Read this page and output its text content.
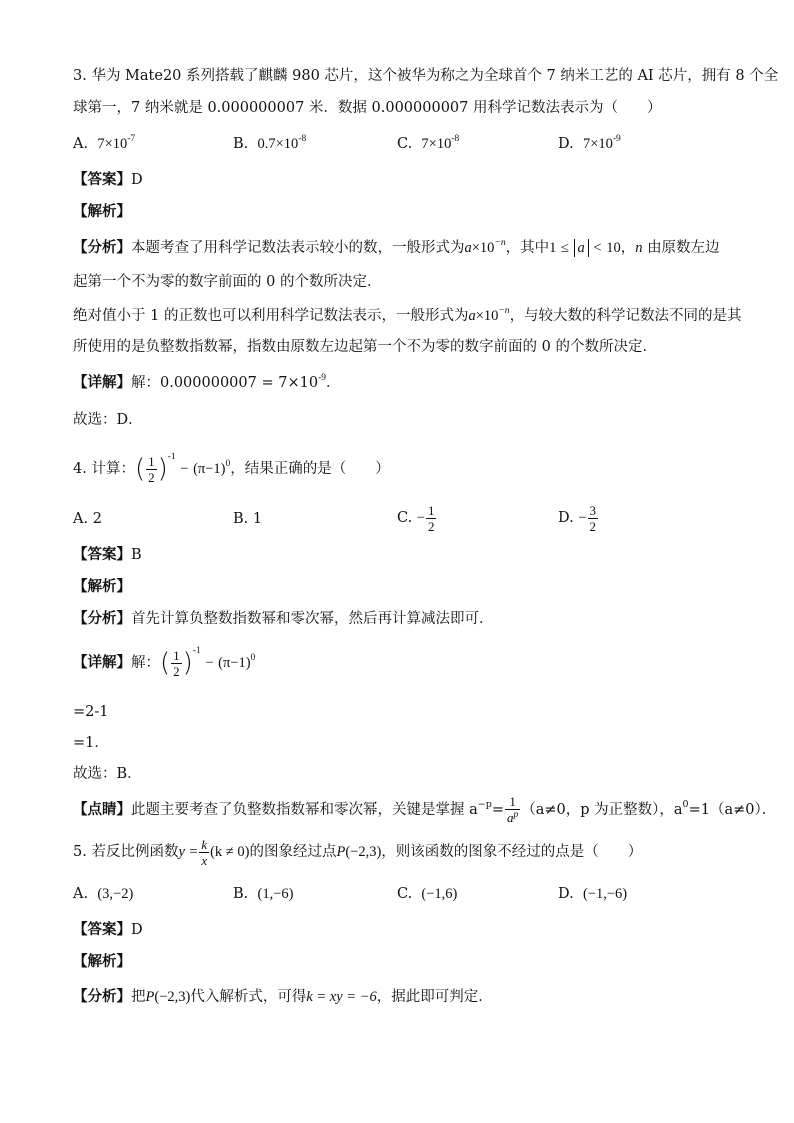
3. 华为 Mate20 系列搭载了麒麟 980 芯片，这个被华为称之为全球首个 7 纳米工艺的 AI 芯片，拥有 8 个全
球第一，7 纳米就是 0.000000007 米．数据 0.000000007 用科学记数法表示为（　　）
A. $7\times 10^{-7}$	B. $0.7\times 10^{-8}$	C. $7\times 10^{-8}$	D. $7\times 10^{-9}$
【答案】D
【解析】
【分析】本题考查了用科学记数法表示较小的数，一般形式为$a\times 10^{-n}$，其中1 ≤ a < 10，n 由原数左边
起第一个不为零的数字前面的 0 的个数所决定．
绝对值小于 1 的正数也可以利用科学记数法表示，一般形式为$a\times 10^{-n}$，与较大数的科学记数法不同的是其
所使用的是负整数指数幂，指数由原数左边起第一个不为零的数字前面的 0 的个数所决定．
【详解】解：$0.000000007 = 7\times 10^{-9}$．
故选：D．
4. 计算：( $\frac{1}{2} )^{-1} - (\pi-1)^0$，结果正确的是（　　）
A. 2	B. 1	C. − $\frac{1}{2}$	D. − $\frac{3}{2}$
【答案】B
【解析】
【分析】首先计算负整数指数幂和零次幂，然后再计算减法即可．
【详解】解：( $\frac{1}{2} )^{-1} - (\pi-1)^0$
=2-1
=1．
故选：B．
【点睛】此题主要考查了负整数指数幂和零次幂，关键是掌握 $a^{-p}= \frac{1}{a^p} (a\ne 0$，p 为正整数），$a^0=1(a\ne 0)$．
5. 若反比例函数$y = \frac{k}{x} (k \ne 0)$的图象经过点P(−2,3)，则该函数的图象不经过的点是（　　）
A. (3,−2)	B. (1,−6)	C. (−1,6)	D. (−1,−6)
【答案】D
【解析】
【分析】把P(−2,3)代入解析式，可得k = xy = −6，据此即可判定．
